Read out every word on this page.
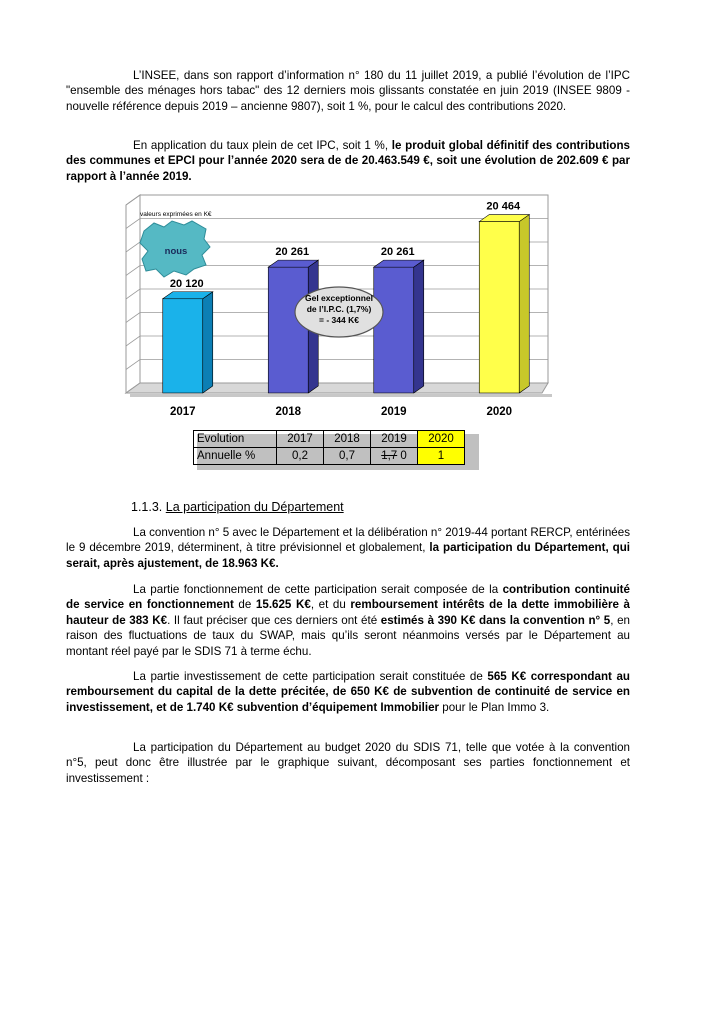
L’INSEE, dans son rapport d’information n° 180 du 11 juillet 2019, a publié l’évolution de l’IPC "ensemble des ménages hors tabac" des 12 derniers mois glissants constatée en juin 2019 (INSEE 9809 - nouvelle référence depuis 2019 – ancienne 9807), soit 1 %, pour le calcul des contributions 2020.

En application du taux plein de cet IPC, soit 1 %, le produit global définitif des contributions des communes et EPCI pour l’année 2020 sera de de 20.463.549 €, soit une évolution de 202.609 € par rapport à l’année 2019.

20 120
2017
20 261
2018
20 261
2019
20 464
2020
valeurs exprimées en K€
nous
Gel exceptionnel
de l’I.P.C. (1,7%)
= - 344 K€
Evolution	2017	2018	2019	2020
Annuelle %	0,2	0,7	1,7 0	1
1.1.3. La participation du Département

La convention n° 5 avec le Département et la délibération n° 2019-44 portant RERCP, entérinées le 9 décembre 2019, déterminent, à titre prévisionnel et globalement, la participation du Département, qui serait, après ajustement, de 18.963 K€.

La partie fonctionnement de cette participation serait composée de la contribution continuité de service en fonctionnement de 15.625 K€, et du remboursement intérêts de la dette immobilière à hauteur de 383 K€. Il faut préciser que ces derniers ont été estimés à 390 K€ dans la convention n° 5, en raison des fluctuations de taux du SWAP, mais qu’ils seront néanmoins versés par le Département au montant réel payé par le SDIS 71 à terme échu.

La partie investissement de cette participation serait constituée de 565 K€ correspondant au remboursement du capital de la dette précitée, de 650 K€ de subvention de continuité de service en investissement, et de 1.740 K€ subvention d’équipement Immobilier pour le Plan Immo 3.

La participation du Département au budget 2020 du SDIS 71, telle que votée à la convention n°5, peut donc être illustrée par le graphique suivant, décomposant ses parties fonctionnement et investissement :
